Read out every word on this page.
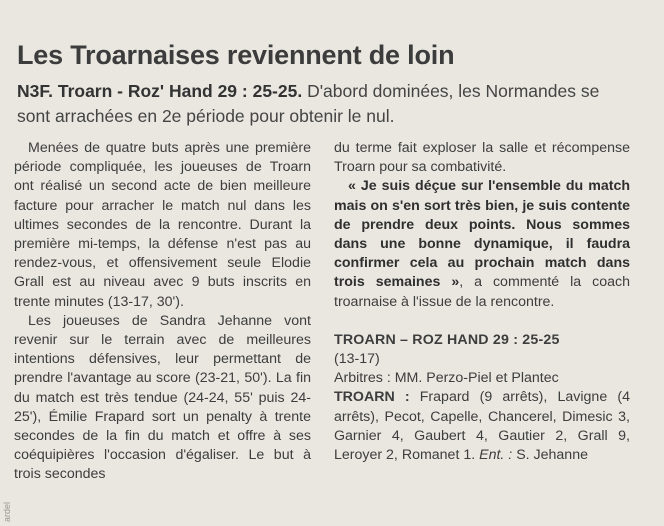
ardel
Les Troarnaises reviennent de loin
N3F. Troarn - Roz' Hand 29 : 25-25. D'abord dominées, les Normandes se sont arrachées en 2e période pour obtenir le nul.

Menées de quatre buts après une première période compliquée, les joueuses de Troarn ont réalisé un second acte de bien meilleure facture pour arracher le match nul dans les ultimes secondes de la rencontre. Durant la première mi-temps, la défense n'est pas au rendez-vous, et offensivement seule Elodie Grall est au niveau avec 9 buts inscrits en trente minutes (13-17, 30').

Les joueuses de Sandra Jehanne vont revenir sur le terrain avec de meilleures intentions défensives, leur permettant de prendre l'avantage au score (23-21, 50'). La fin du match est très tendue (24-24, 55' puis 24-25'), Émilie Frapard sort un penalty à trente secondes de la fin du match et offre à ses coéquipières l'occasion d'égaliser. Le but à trois secondes

du terme fait exploser la salle et récompense Troarn pour sa combativité.

« Je suis déçue sur l'ensemble du match mais on s'en sort très bien, je suis contente de prendre deux points. Nous sommes dans une bonne dynamique, il faudra confirmer cela au prochain match dans trois semaines », a commenté la coach troarnaise à l'issue de la rencontre.

TROARN – ROZ HAND 29 : 25-25

(13-17)

Arbitres : MM. Perzo-Piel et Plantec

TROARN : Frapard (9 arrêts), Lavigne (4 arrêts), Pecot, Capelle, Chancerel, Dimesic 3, Garnier 4, Gaubert 4, Gautier 2, Grall 9, Leroyer 2, Romanet 1. Ent. : S. Jehanne
